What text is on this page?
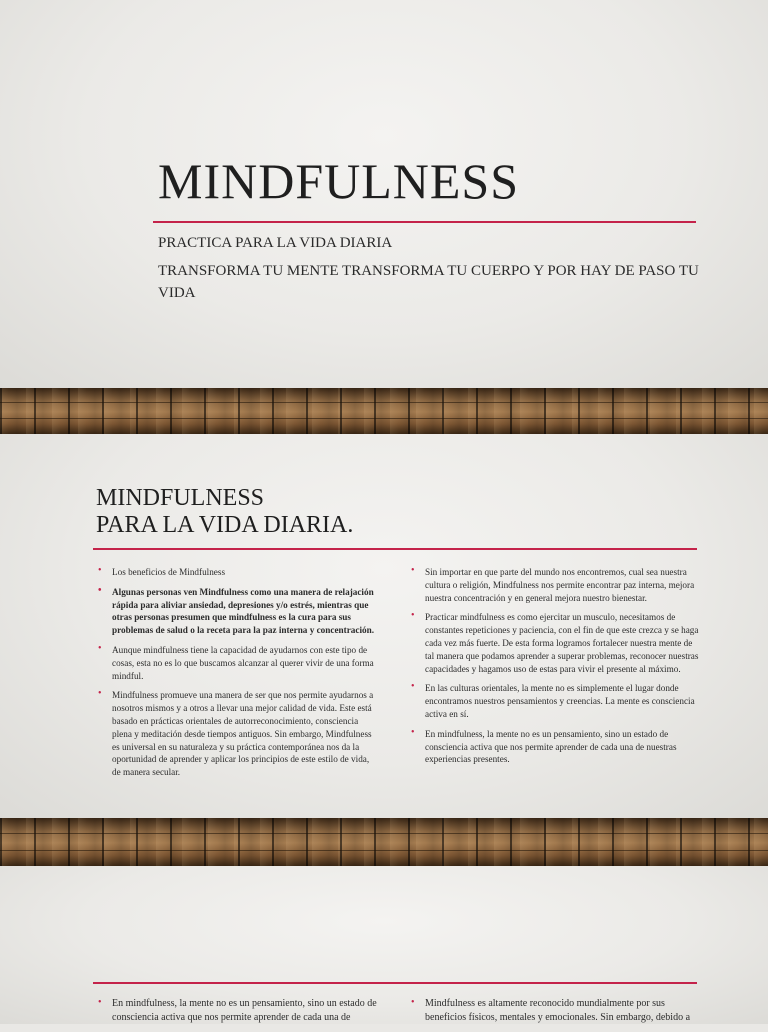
MINDFULNESS

PRACTICA PARA LA VIDA DIARIA

TRANSFORMA TU MENTE TRANSFORMA TU CUERPO Y POR HAY DE PASO TU

VIDA

MINDFULNESS
PARA LA VIDA DIARIA.
• Los beneficios de Mindfulness
• Algunas personas ven Mindfulness como una manera de relajación rápida para aliviar ansiedad, depresiones y/o estrés, mientras que otras personas presumen que mindfulness es la cura para sus problemas de salud o la receta para la paz interna y concentración.
• Aunque mindfulness tiene la capacidad de ayudarnos con este tipo de cosas, esta no es lo que buscamos alcanzar al querer vivir de una forma mindful.
• Mindfulness promueve una manera de ser que nos permite ayudarnos a nosotros mismos y a otros a llevar una mejor calidad de vida. Este está basado en prácticas orientales de autorreconocimiento, consciencia plena y meditación desde tiempos antiguos. Sin embargo, Mindfulness es universal en su naturaleza y su práctica contemporánea nos da la oportunidad de aprender y aplicar los principios de este estilo de vida, de manera secular.
• Sin importar en que parte del mundo nos encontremos, cual sea nuestra cultura o religión, Mindfulness nos permite encontrar paz interna, mejora nuestra concentración y en general mejora nuestro bienestar.
• Practicar mindfulness es como ejercitar un musculo, necesitamos de constantes repeticiones y paciencia, con el fin de que este crezca y se haga cada vez más fuerte. De esta forma logramos fortalecer nuestra mente de tal manera que podamos aprender a superar problemas, reconocer nuestras capacidades y hagamos uso de estas para vivir el presente al máximo.
• En las culturas orientales, la mente no es simplemente el lugar donde encontramos nuestros pensamientos y creencias. La mente es consciencia activa en sí.
• En mindfulness, la mente no es un pensamiento, sino un estado de consciencia activa que nos permite aprender de cada una de nuestras experiencias presentes.
• En mindfulness, la mente no es un pensamiento, sino un estado de consciencia activa que nos permite aprender de cada una de
• Mindfulness es altamente reconocido mundialmente por sus beneficios físicos, mentales y emocionales. Sin embargo, debido a
